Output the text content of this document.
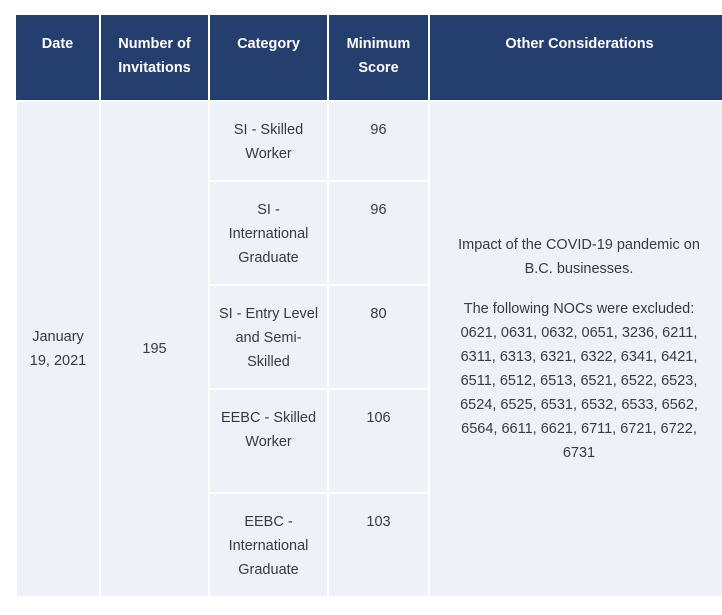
Date	Number of Invitations	Category	Minimum Score	Other Considerations
January 19, 2021	195	SI - Skilled Worker	96	Impact of the COVID-19 pandemic on B.C. businesses.
The following NOCs were excluded: 0621, 0631, 0632, 0651, 3236, 6211, 6311, 6313, 6321, 6322, 6341, 6421, 6511, 6512, 6513, 6521, 6522, 6523, 6524, 6525, 6531, 6532, 6533, 6562, 6564, 6611, 6621, 6711, 6721, 6722, 6731

		SI - International Graduate	96	
		SI - Entry Level and Semi-Skilled	80	
		EEBC - Skilled Worker	106	
		EEBC - International Graduate	103	
